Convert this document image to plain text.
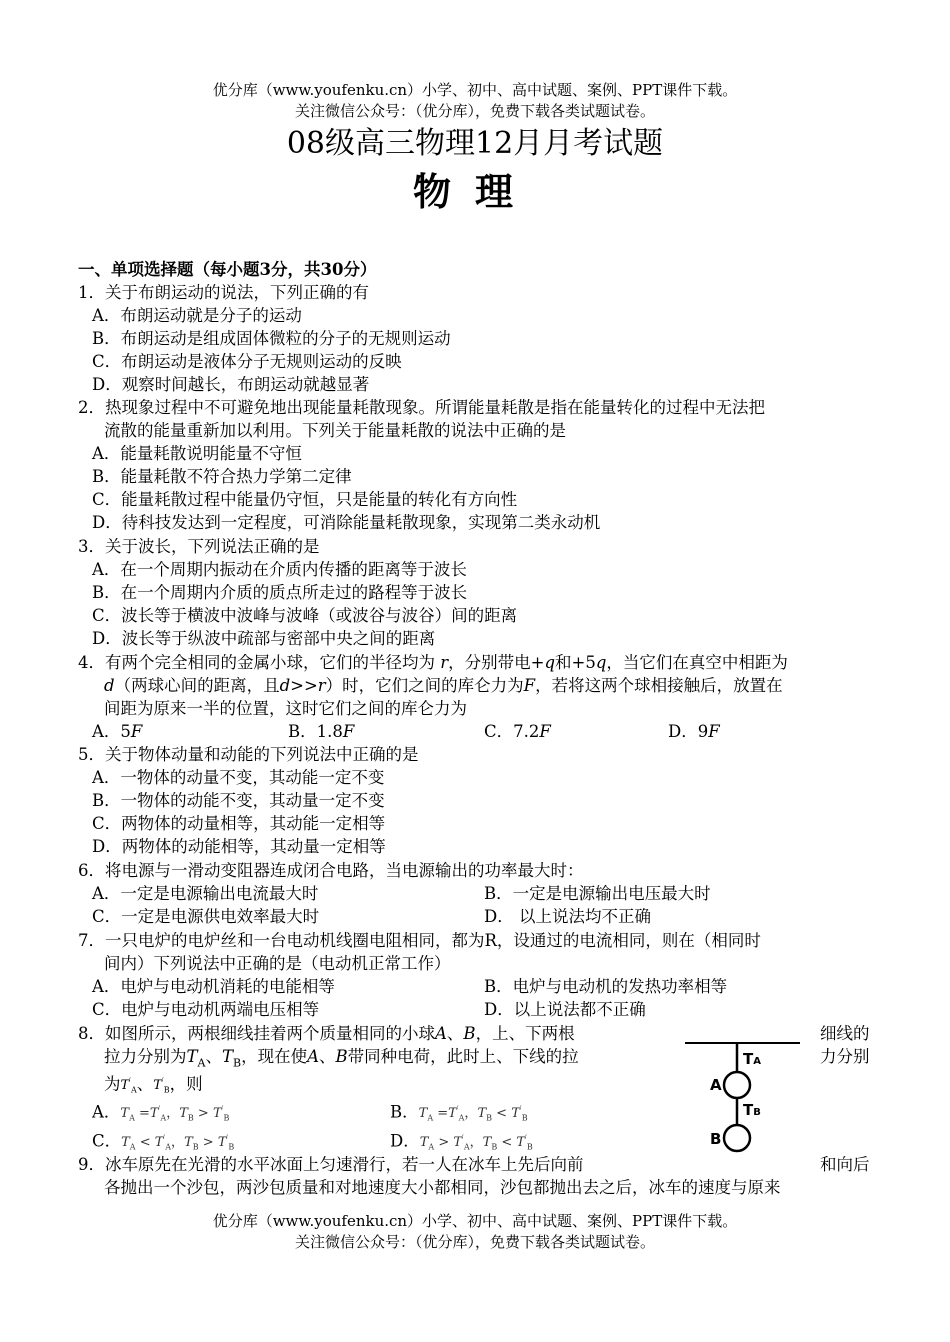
优分库（www.youfenku.cn）小学、初中、高中试题、案例、PPT课件下载。
关注微信公众号：（优分库），免费下载各类试题试卷。
08级高三物理12月月考试题
物理
一、单项选择题（每小题3分，共30分）
1．关于布朗运动的说法，下列正确的有
A．布朗运动就是分子的运动
B．布朗运动是组成固体微粒的分子的无规则运动
C．布朗运动是液体分子无规则运动的反映
D．观察时间越长，布朗运动就越显著
2．热现象过程中不可避免地出现能量耗散现象。所谓能量耗散是指在能量转化的过程中无法把
流散的能量重新加以利用。下列关于能量耗散的说法中正确的是
A．能量耗散说明能量不守恒
B．能量耗散不符合热力学第二定律
C．能量耗散过程中能量仍守恒，只是能量的转化有方向性
D．待科技发达到一定程度，可消除能量耗散现象，实现第二类永动机
3．关于波长，下列说法正确的是
A．在一个周期内振动在介质内传播的距离等于波长
B．在一个周期内介质的质点所走过的路程等于波长
C．波长等于横波中波峰与波峰（或波谷与波谷）间的距离
D．波长等于纵波中疏部与密部中央之间的距离
4．有两个完全相同的金属小球，它们的半径均为 r，分别带电+q和+5q，当它们在真空中相距为
d（两球心间的距离，且d>>r）时，它们之间的库仑力为F，若将这两个球相接触后，放置在
间距为原来一半的位置，这时它们之间的库仑力为
A．5F	B．1.8F	C．7.2F	D．9F
5．关于物体动量和动能的下列说法中正确的是
A．一物体的动量不变，其动能一定不变
B．一物体的动能不变，其动量一定不变
C．两物体的动量相等，其动能一定相等
D．两物体的动能相等，其动量一定相等
6．将电源与一滑动变阻器连成闭合电路，当电源输出的功率最大时：
A．一定是电源输出电流最大时	B．一定是电源输出电压最大时
C．一定是电源供电效率最大时	D． 以上说法均不正确
7．一只电炉的电炉丝和一台电动机线圈电阻相同，都为R，设通过的电流相同，则在（相同时
间内）下列说法中正确的是（电动机正常工作）
A．电炉与电动机消耗的电能相等	B．电炉与电动机的发热功率相等
C．电炉与电动机两端电压相等	D．以上说法都不正确
8．如图所示，两根细线挂着两个质量相同的小球A、B，上、下两根	细线的
拉力分别为$T_A$、$T_B$，现在使A、B带同种电荷，此时上、下线的拉	力分别
为$T'_A$、$T'_B$，则
A．$T_A =T'_A$，$T_B > T'_B$	B．$T_A =T'_A$，$T_B < T'_B$
C．$T_A < T'_A$，$T_B > T'_B$	D．$T_A > T'_A$，$T_B < T'_B$
TA
A
TB
B
9．冰车原先在光滑的水平冰面上匀速滑行，若一人在冰车上先后向前	和向后
各抛出一个沙包，两沙包质量和对地速度大小都相同，沙包都抛出去之后，冰车的速度与原来
优分库（www.youfenku.cn）小学、初中、高中试题、案例、PPT课件下载。
关注微信公众号：（优分库），免费下载各类试题试卷。
